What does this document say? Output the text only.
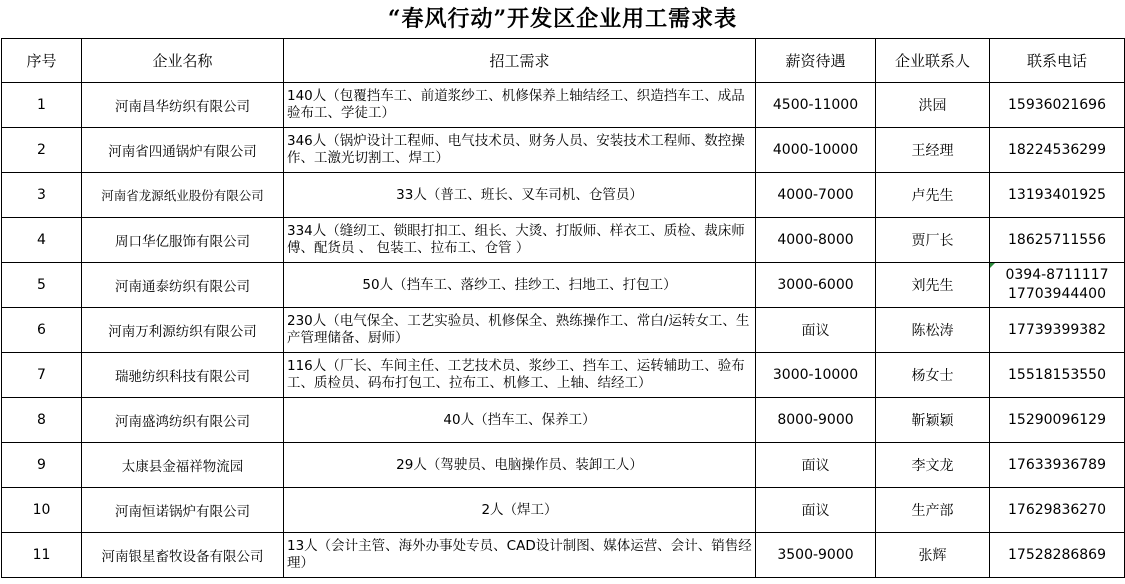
“春风行动”开发区企业用工需求表
序号	企业名称	招工需求	薪资待遇	企业联系人	联系电话
1	河南昌华纺织有限公司	140人（包覆挡车工、前道浆纱工、机修保养上轴结经工、织造挡车工、成品验布工、学徒工）	4500-11000	洪园	15936021696
2	河南省四通锅炉有限公司	346人（锅炉设计工程师、电气技术员、财务人员、安装技术工程师、数控操作、工激光切割工、焊工）	4000-10000	王经理	18224536299
3	河南省龙源纸业股份有限公司	33人（普工、班长、叉车司机、仓管员）	4000-7000	卢先生	13193401925
4	周口华亿服饰有限公司	334人（缝纫工、锁眼打扣工、组长、大烫、打版师、样衣工、质检、裁床师傅、配货员 、 包装工、拉布工、仓管 ）	4000-8000	贾厂长	18625711556
5	河南通泰纺织有限公司	50人（挡车工、落纱工、挂纱工、扫地工、打包工）	3000-6000	刘先生	0394-8711117
17703944400

6	河南万利源纺织有限公司	230人（电气保全、工艺实验员、机修保全、熟练操作工、常白/运转女工、生产管理储备、厨师）	面议	陈松涛	17739399382
7	瑞驰纺织科技有限公司	116人（厂长、车间主任、工艺技术员、浆纱工、挡车工、运转辅助工、验布工、质检员、码布打包工、拉布工、机修工、上轴、结经工）	3000-10000	杨女士	15518153550
8	河南盛鸿纺织有限公司	40人（挡车工、保养工）	8000-9000	靳颖颖	15290096129
9	太康县金福祥物流园	29人（驾驶员、电脑操作员、装卸工人）	面议	李文龙	17633936789
10	河南恒诺锅炉有限公司	2人（焊工）	面议	生产部	17629836270
11	河南银星畜牧设备有限公司	13人（会计主管、海外办事处专员、CAD设计制图、媒体运营、会计、销售经理）	3500-9000	张辉	17528286869
